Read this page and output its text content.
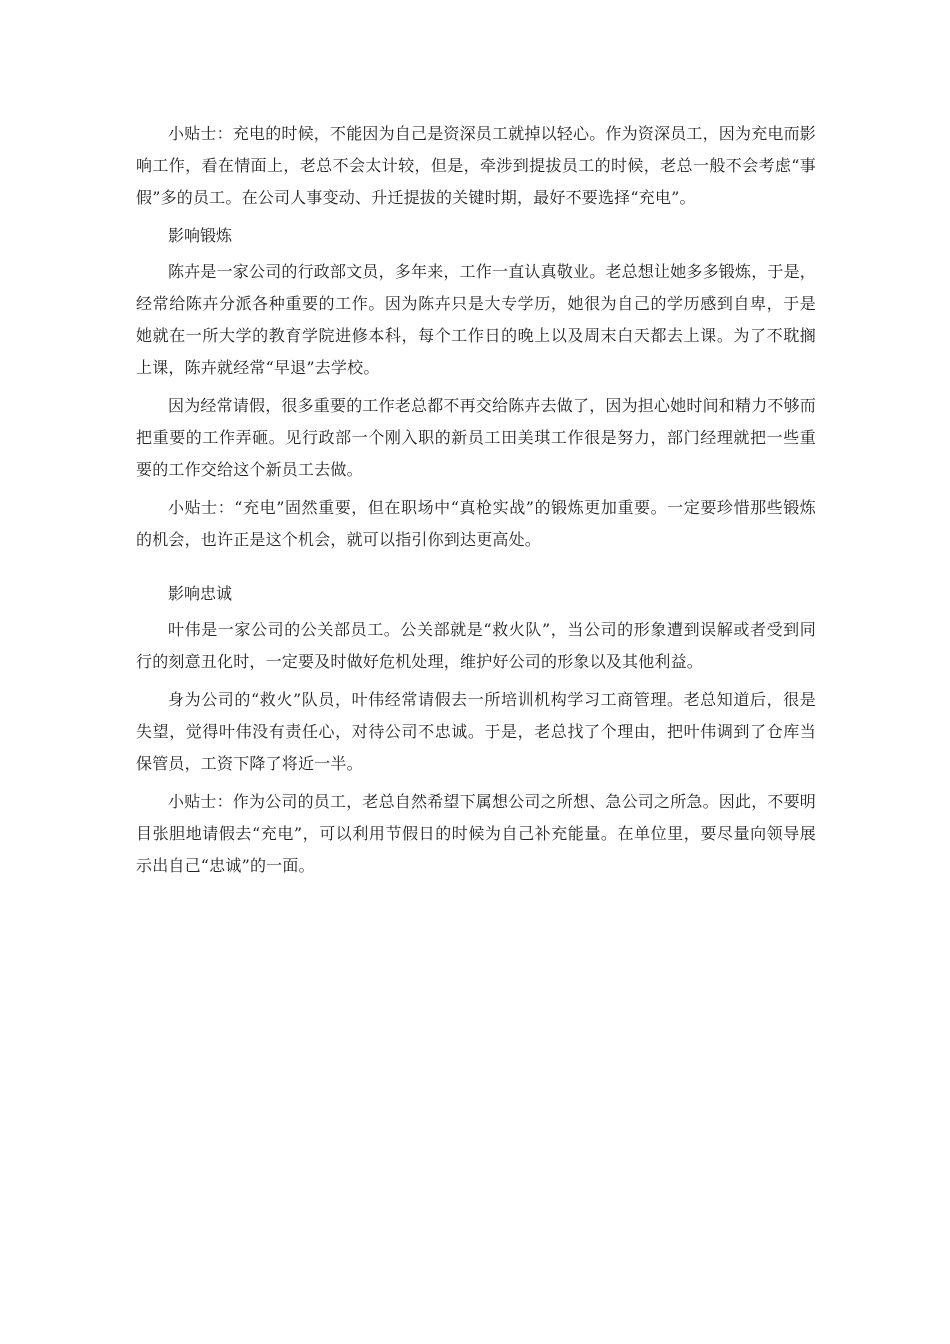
小贴士：充电的时候，不能因为自己是资深员工就掉以轻心。作为资深员工，因为充电而影响工作，看在情面上，老总不会太计较，但是，牵涉到提拔员工的时候，老总一般不会考虑“事假”多的员工。在公司人事变动、升迁提拔的关键时期，最好不要选择“充电”。

影响锻炼

陈卉是一家公司的行政部文员，多年来，工作一直认真敬业。老总想让她多多锻炼，于是，经常给陈卉分派各种重要的工作。因为陈卉只是大专学历，她很为自己的学历感到自卑，于是她就在一所大学的教育学院进修本科，每个工作日的晚上以及周末白天都去上课。为了不耽搁上课，陈卉就经常“早退”去学校。

因为经常请假，很多重要的工作老总都不再交给陈卉去做了，因为担心她时间和精力不够而把重要的工作弄砸。见行政部一个刚入职的新员工田美琪工作很是努力，部门经理就把一些重要的工作交给这个新员工去做。

小贴士：“充电”固然重要，但在职场中“真枪实战”的锻炼更加重要。一定要珍惜那些锻炼的机会，也许正是这个机会，就可以指引你到达更高处。

影响忠诚

叶伟是一家公司的公关部员工。公关部就是“救火队”，当公司的形象遭到误解或者受到同行的刻意丑化时，一定要及时做好危机处理，维护好公司的形象以及其他利益。

身为公司的“救火”队员，叶伟经常请假去一所培训机构学习工商管理。老总知道后，很是失望，觉得叶伟没有责任心，对待公司不忠诚。于是，老总找了个理由，把叶伟调到了仓库当保管员，工资下降了将近一半。

小贴士：作为公司的员工，老总自然希望下属想公司之所想、急公司之所急。因此，不要明目张胆地请假去“充电”，可以利用节假日的时候为自己补充能量。在单位里，要尽量向领导展示出自己“忠诚”的一面。
